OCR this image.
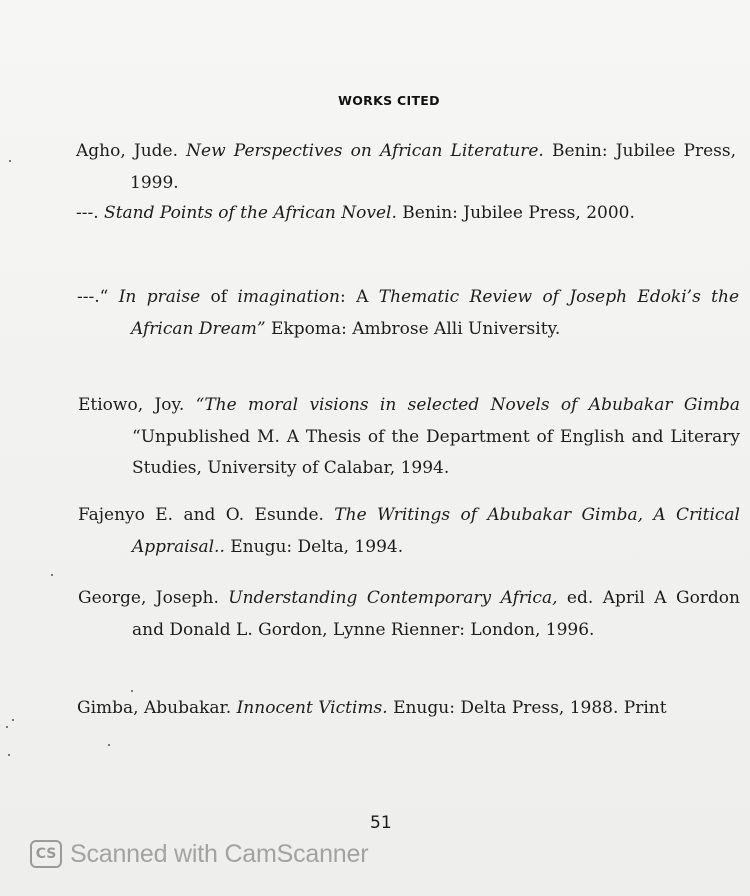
WORKS CITED
Agho, Jude. New Perspectives on African Literature. Benin: Jubilee Press, 1999.
---. Stand Points of the African Novel. Benin: Jubilee Press, 2000.
---.“ In praise of imagination: A Thematic Review of Joseph Edoki’s the African Dream” Ekpoma: Ambrose Alli University.
Etiowo, Joy. “The moral visions in selected Novels of Abubakar Gimba “Unpublished M. A Thesis of the Department of English and Literary Studies, University of Calabar, 1994.
Fajenyo E. and O. Esunde. The Writings of Abubakar Gimba, A Critical Appraisal.. Enugu: Delta, 1994.
George, Joseph. Understanding Contemporary Africa, ed. April A Gordon and Donald L. Gordon, Lynne Rienner: London, 1996.
Gimba, Abubakar. Innocent Victims. Enugu: Delta Press, 1988. Print
51
CS Scanned with CamScanner
